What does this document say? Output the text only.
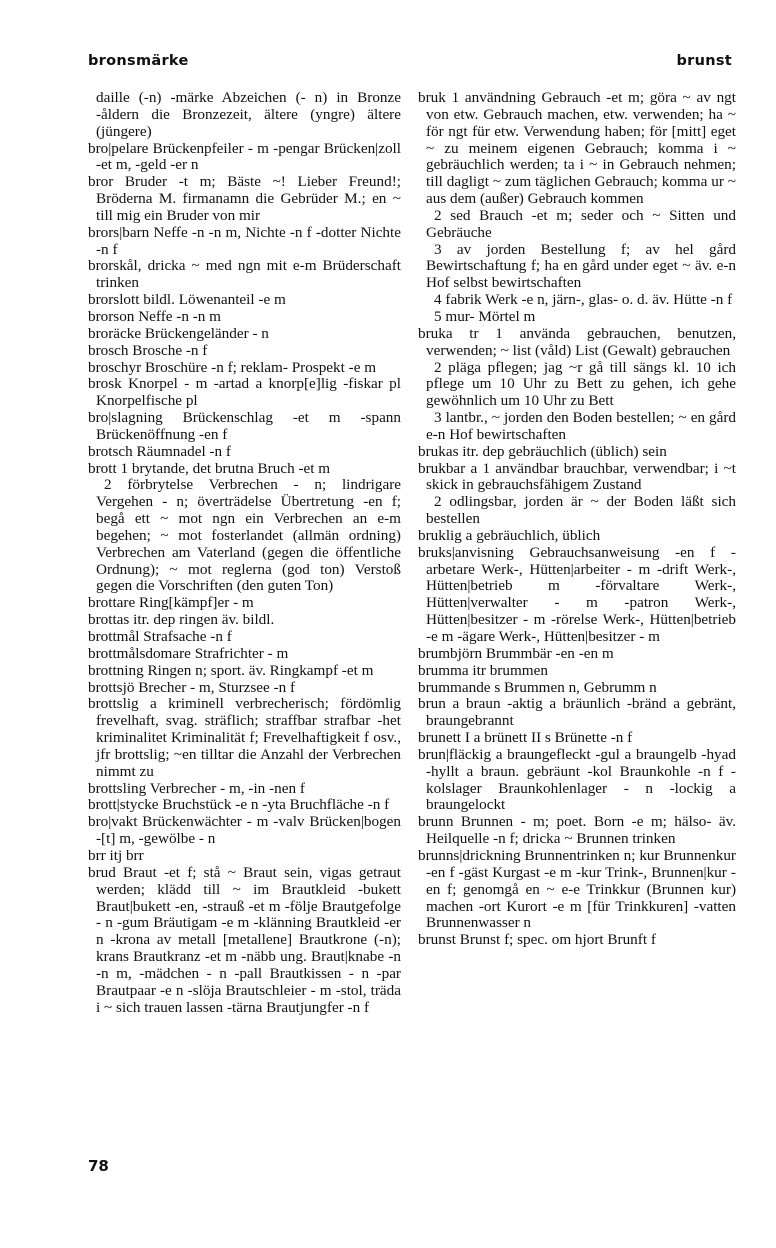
bronsmärke	brunst

daille (-n) -märke Abzeichen (- n) in Bronze -åldern die Bronzezeit, ältere (yngre) ältere (jüngere)

bro|pelare Brückenpfeiler - m -pengar Brücken|zoll -et m, -geld -er n

bror Bruder -t m; Bäste ~! Lieber Freund!; Bröderna M. firmanamn die Gebrüder M.; en ~ till mig ein Bruder von mir

brors|barn Neffe -n -n m, Nichte -n f -dotter Nichte -n f

brorskål, dricka ~ med ngn mit e-m Brüderschaft trinken

brorslott bildl. Löwenanteil -e m

brorson Neffe -n -n m

broräcke Brückengeländer - n

brosch Brosche -n f

broschyr Broschüre -n f; reklam- Prospekt -e m

brosk Knorpel - m -artad a knorp[e]lig -fiskar pl Knorpelfische pl

bro|slagning Brückenschlag -et m -spann Brückenöffnung -en f

brotsch Räumnadel -n f

brott 1 brytande, det brutna Bruch -et m

2 förbrytelse Verbrechen - n; lindrigare Vergehen - n; överträdelse Übertretung -en f; begå ett ~ mot ngn ein Verbrechen an e-m begehen; ~ mot fosterlandet (allmän ordning) Verbrechen am Vaterland (gegen die öffentliche Ordnung); ~ mot reglerna (god ton) Verstoß gegen die Vorschriften (den guten Ton)

brottare Ring[kämpf]er - m

brottas itr. dep ringen äv. bildl.

brottmål Strafsache -n f

brottmålsdomare Strafrichter - m

brottning Ringen n; sport. äv. Ringkampf -et m

brottsjö Brecher - m, Sturzsee -n f

brottslig a kriminell verbrecherisch; fördömlig frevelhaft, svag. sträflich; straffbar strafbar -het kriminalitet Kriminalität f; Frevelhaftigkeit f osv., jfr brottslig; ~en tilltar die Anzahl der Verbrechen nimmt zu

brottsling Verbrecher - m, -in -nen f

brott|stycke Bruchstück -e n -yta Bruchfläche -n f

bro|vakt Brückenwächter - m -valv Brücken|bogen -[t] m, -gewölbe - n

brr itj brr

brud Braut -et f; stå ~ Braut sein, vigas getraut werden; klädd till ~ im Brautkleid -bukett Braut|bukett -en, -strauß -et m -följe Brautgefolge - n -gum Bräutigam -e m -klänning Brautkleid -er n -krona av metall [metallene] Brautkrone (-n); krans Brautkranz -et m -näbb ung. Braut|knabe -n -n m, -mädchen - n -pall Brautkissen - n -par Brautpaar -e n -slöja Brautschleier - m -stol, träda i ~ sich trauen lassen -tärna Brautjungfer -n f

bruk 1 användning Gebrauch -et m; göra ~ av ngt von etw. Gebrauch machen, etw. verwenden; ha ~ för ngt für etw. Verwendung haben; för [mitt] eget ~ zu meinem eigenen Gebrauch; komma i ~ gebräuchlich werden; ta i ~ in Gebrauch nehmen; till dagligt ~ zum täglichen Gebrauch; komma ur ~ aus dem (außer) Gebrauch kommen

2 sed Brauch -et m; seder och ~ Sitten und Gebräuche

3 av jorden Bestellung f; av hel gård Bewirtschaftung f; ha en gård under eget ~ äv. e-n Hof selbst bewirtschaften

4 fabrik Werk -e n, järn-, glas- o. d. äv. Hütte -n f

5 mur- Mörtel m

bruka tr 1 använda gebrauchen, benutzen, verwenden; ~ list (våld) List (Gewalt) gebrauchen

2 pläga pflegen; jag ~r gå till sängs kl. 10 ich pflege um 10 Uhr zu Bett zu gehen, ich gehe gewöhnlich um 10 Uhr zu Bett

3 lantbr., ~ jorden den Boden bestellen; ~ en gård e-n Hof bewirtschaften

brukas itr. dep gebräuchlich (üblich) sein

brukbar a 1 användbar brauchbar, verwendbar; i ~t skick in gebrauchsfähigem Zustand

2 odlingsbar, jorden är ~ der Boden läßt sich bestellen

bruklig a gebräuchlich, üblich

bruks|anvisning Gebrauchsanweisung -en f -arbetare Werk-, Hütten|arbeiter - m -drift Werk-, Hütten|betrieb m -förvaltare Werk-, Hütten|verwalter - m -patron Werk-, Hütten|besitzer - m -rörelse Werk-, Hütten|betrieb -e m -ägare Werk-, Hütten|besitzer - m

brumbjörn Brummbär -en -en m

brumma itr brummen

brummande s Brummen n, Gebrumm n

brun a braun -aktig a bräunlich -bränd a gebränt, braungebrannt

brunett I a brünett II s Brünette -n f

brun|fläckig a braungefleckt -gul a braungelb -hyad -hyllt a braun. gebräunt -kol Braunkohle -n f -kolslager Braunkohlenlager - n -lockig a braungelockt

brunn Brunnen - m; poet. Born -e m; hälso- äv. Heilquelle -n f; dricka ~ Brunnen trinken

brunns|drickning Brunnentrinken n; kur Brunnenkur -en f -gäst Kurgast -e m -kur Trink-, Brunnen|kur -en f; genomgå en ~ e-e Trinkkur (Brunnen kur) machen -ort Kurort -e m [für Trinkkuren] -vatten Brunnenwasser n

brunst Brunst f; spec. om hjort Brunft f

78
